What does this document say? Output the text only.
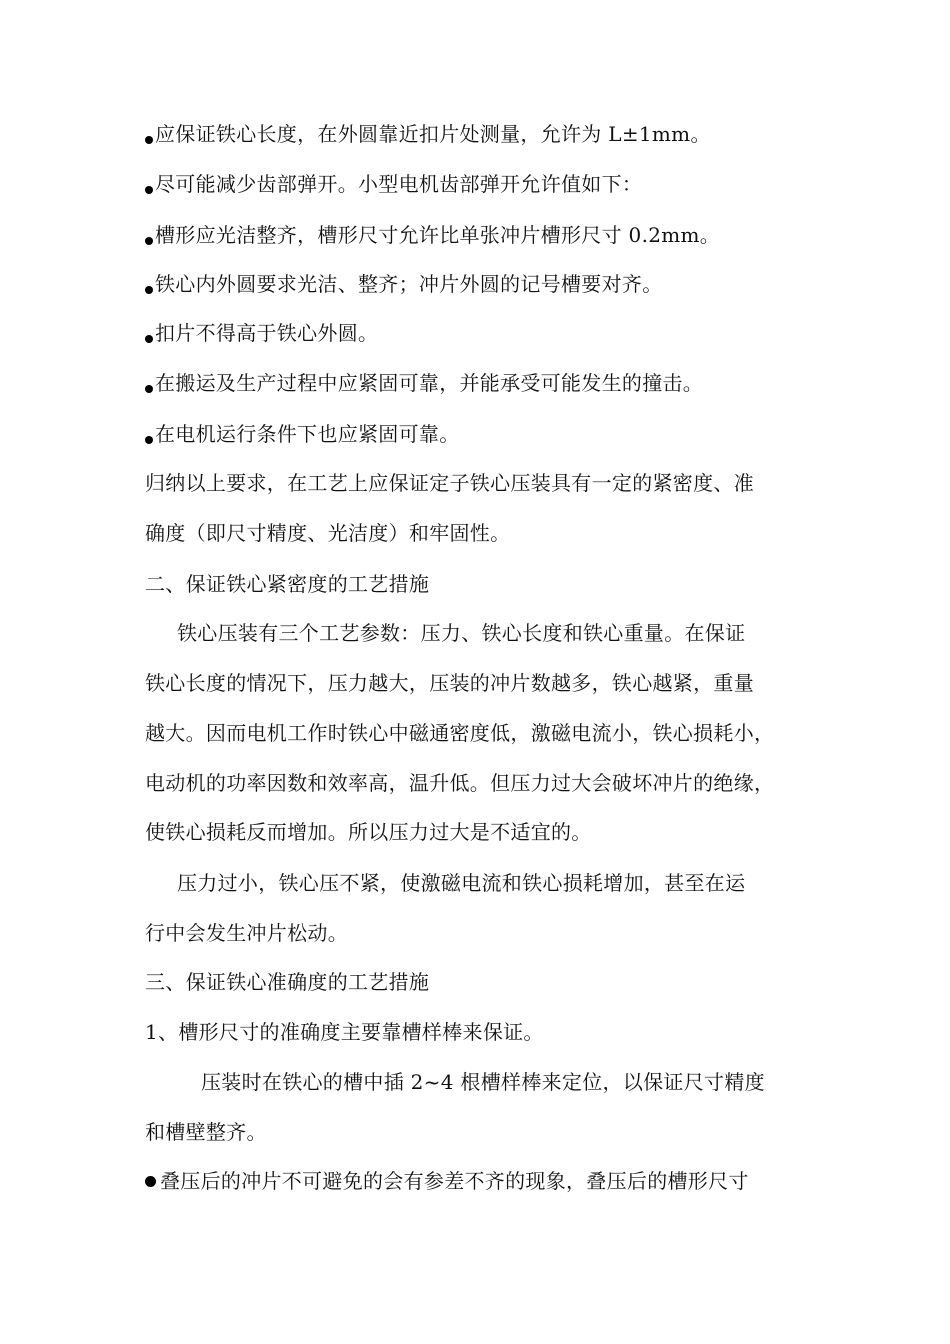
应保证铁心长度，在外圆靠近扣片处测量，允许为 L±1mm。
尽可能减少齿部弹开。小型电机齿部弹开允许值如下：
槽形应光洁整齐，槽形尺寸允许比单张冲片槽形尺寸 0.2mm。
铁心内外圆要求光洁、整齐；冲片外圆的记号槽要对齐。
扣片不得高于铁心外圆。
在搬运及生产过程中应紧固可靠，并能承受可能发生的撞击。
在电机运行条件下也应紧固可靠。
归纳以上要求，在工艺上应保证定子铁心压装具有一定的紧密度、准
确度（即尺寸精度、光洁度）和牢固性。
二、保证铁心紧密度的工艺措施
铁心压装有三个工艺参数：压力、铁心长度和铁心重量。在保证
铁心长度的情况下，压力越大，压装的冲片数越多，铁心越紧，重量
越大。因而电机工作时铁心中磁通密度低，激磁电流小，铁心损耗小，
电动机的功率因数和效率高，温升低。但压力过大会破坏冲片的绝缘，
使铁心损耗反而增加。所以压力过大是不适宜的。
压力过小，铁心压不紧，使激磁电流和铁心损耗增加，甚至在运
行中会发生冲片松动。
三、保证铁心准确度的工艺措施
1、槽形尺寸的准确度主要靠槽样棒来保证。
压装时在铁心的槽中插 2~4 根槽样棒来定位，以保证尺寸精度
和槽壁整齐。
叠压后的冲片不可避免的会有参差不齐的现象，叠压后的槽形尺寸
